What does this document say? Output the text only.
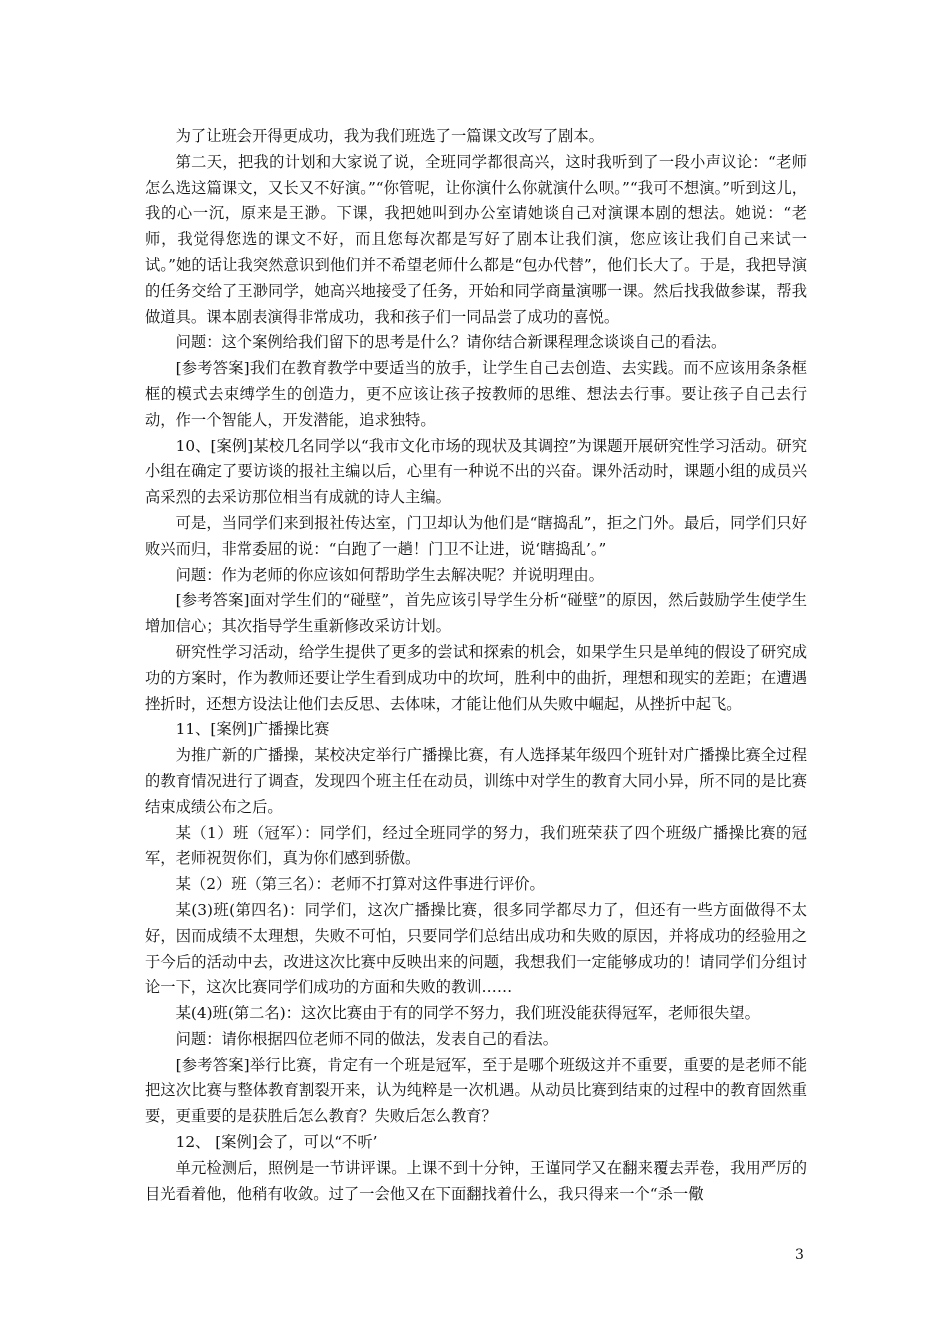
为了让班会开得更成功，我为我们班选了一篇课文改写了剧本。

第二天，把我的计划和大家说了说，全班同学都很高兴，这时我听到了一段小声议论：“老师怎么选这篇课文，又长又不好演。”“你管呢，让你演什么你就演什么呗。”“我可不想演。”听到这儿，我的心一沉，原来是王渺。下课，我把她叫到办公室请她谈自己对演课本剧的想法。她说：“老师，我觉得您选的课文不好，而且您每次都是写好了剧本让我们演，您应该让我们自己来试一试。”她的话让我突然意识到他们并不希望老师什么都是“包办代替”，他们长大了。于是，我把导演的任务交给了王渺同学，她高兴地接受了任务，开始和同学商量演哪一课。然后找我做参谋，帮我做道具。课本剧表演得非常成功，我和孩子们一同品尝了成功的喜悦。

问题：这个案例给我们留下的思考是什么？请你结合新课程理念谈谈自己的看法。

[参考答案]我们在教育教学中要适当的放手，让学生自己去创造、去实践。而不应该用条条框框的模式去束缚学生的创造力，更不应该让孩子按教师的思维、想法去行事。要让孩子自己去行动，作一个智能人，开发潜能，追求独特。

10、[案例]某校几名同学以“我市文化市场的现状及其调控”为课题开展研究性学习活动。研究小组在确定了要访谈的报社主编以后，心里有一种说不出的兴奋。课外活动时，课题小组的成员兴高采烈的去采访那位相当有成就的诗人主编。

可是，当同学们来到报社传达室，门卫却认为他们是“瞎捣乱”，拒之门外。最后，同学们只好败兴而归，非常委屈的说：“白跑了一趟！门卫不让进，说‘瞎捣乱’。”

问题：作为老师的你应该如何帮助学生去解决呢？并说明理由。

[参考答案]面对学生们的“碰壁”，首先应该引导学生分析“碰壁”的原因，然后鼓励学生使学生增加信心；其次指导学生重新修改采访计划。

研究性学习活动，给学生提供了更多的尝试和探索的机会，如果学生只是单纯的假设了研究成功的方案时，作为教师还要让学生看到成功中的坎坷，胜利中的曲折，理想和现实的差距；在遭遇挫折时，还想方设法让他们去反思、去体味，才能让他们从失败中崛起，从挫折中起飞。

11、[案例]广播操比赛

为推广新的广播操，某校决定举行广播操比赛，有人选择某年级四个班针对广播操比赛全过程的教育情况进行了调查，发现四个班主任在动员，训练中对学生的教育大同小异，所不同的是比赛结束成绩公布之后。

某（1）班（冠军）：同学们，经过全班同学的努力，我们班荣获了四个班级广播操比赛的冠军，老师祝贺你们，真为你们感到骄傲。

某（2）班（第三名）：老师不打算对这件事进行评价。

某(3)班(第四名)：同学们，这次广播操比赛，很多同学都尽力了，但还有一些方面做得不太好，因而成绩不太理想，失败不可怕，只要同学们总结出成功和失败的原因，并将成功的经验用之于今后的活动中去，改进这次比赛中反映出来的问题，我想我们一定能够成功的！请同学们分组讨论一下，这次比赛同学们成功的方面和失败的教训……

某(4)班(第二名)：这次比赛由于有的同学不努力，我们班没能获得冠军，老师很失望。

问题：请你根据四位老师不同的做法，发表自己的看法。

[参考答案]举行比赛，肯定有一个班是冠军，至于是哪个班级这并不重要，重要的是老师不能把这次比赛与整体教育割裂开来，认为纯粹是一次机遇。从动员比赛到结束的过程中的教育固然重要，更重要的是获胜后怎么教育？失败后怎么教育？

12、 [案例]会了，可以“不听’

单元检测后，照例是一节讲评课。上课不到十分钟，王谨同学又在翻来覆去弄卷，我用严厉的目光看着他，他稍有收敛。过了一会他又在下面翻找着什么，我只得来一个“杀一儆

3
